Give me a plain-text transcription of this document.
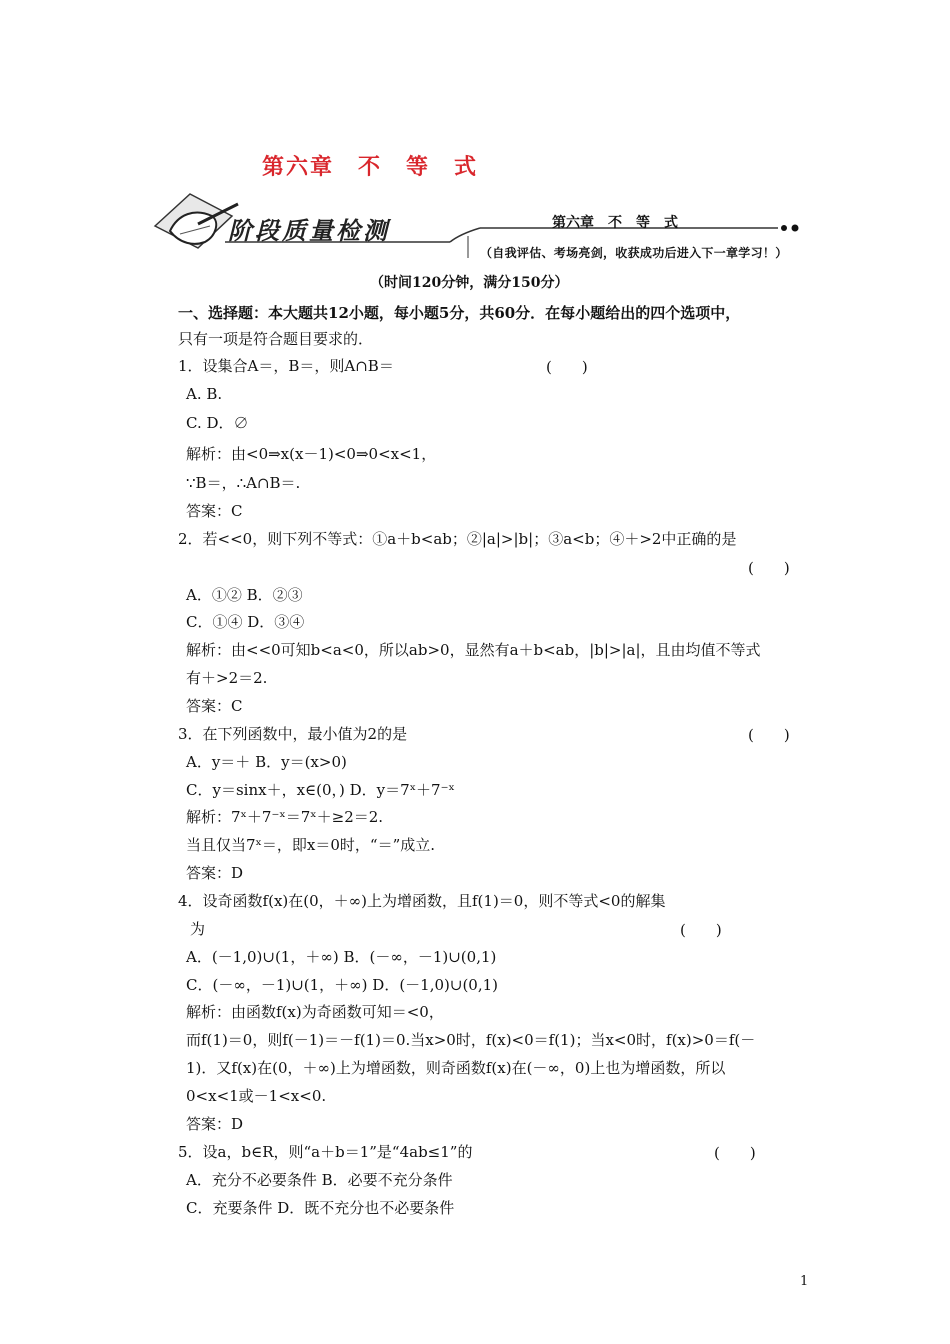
第六章　不　等　式
阶段质量检测	第六章　不　等　式
（自我评估、考场亮剑，收获成功后进入下一章学习！）
（时间120分钟，满分150分）
一、选择题：本大题共12小题，每小题5分，共60分．在每小题给出的四个选项中，
只有一项是符合题目要求的．
1．设集合A＝，B＝，则A∩B＝	(　　)
A. B.
C. D．∅
解析：由<0⇒x(x－1)<0⇒0<x<1，
∵B＝，∴A∩B＝.
答案：C
2．若<<0，则下列不等式：①a＋b<ab；②|a|>|b|；③a<b；④＋>2中正确的是
(　　)
A．①② B．②③
C．①④ D．③④
解析：由<<0可知b<a<0，所以ab>0，显然有a＋b<ab，|b|>|a|，且由均值不等式
有＋>2＝2.
答案：C
3．在下列函数中，最小值为2的是	(　　)
A．y＝＋ B．y＝(x>0)
C．y＝sinx＋，x∈(0，) D．y＝7ˣ＋7⁻ˣ
解析：7ˣ＋7⁻ˣ＝7ˣ＋≥2＝2.
当且仅当7ˣ＝，即x＝0时，“＝”成立.
答案：D
4．设奇函数f(x)在(0，＋∞)上为增函数，且f(1)＝0，则不等式<0的解集
为	(　　)
A．(－1,0)∪(1，＋∞) B．(－∞，－1)∪(0,1)
C．(－∞，－1)∪(1，＋∞) D．(－1,0)∪(0,1)
解析：由函数f(x)为奇函数可知＝<0，
而f(1)＝0，则f(－1)＝－f(1)＝0.当x>0时，f(x)<0＝f(1)；当x<0时，f(x)>0＝f(－
1)．又f(x)在(0，＋∞)上为增函数，则奇函数f(x)在(－∞，0)上也为增函数，所以
0<x<1或－1<x<0.
答案：D
5．设a，b∈R，则“a＋b＝1”是“4ab≤1”的	(　　)
A．充分不必要条件 B．必要不充分条件
C．充要条件 D．既不充分也不必要条件
1
